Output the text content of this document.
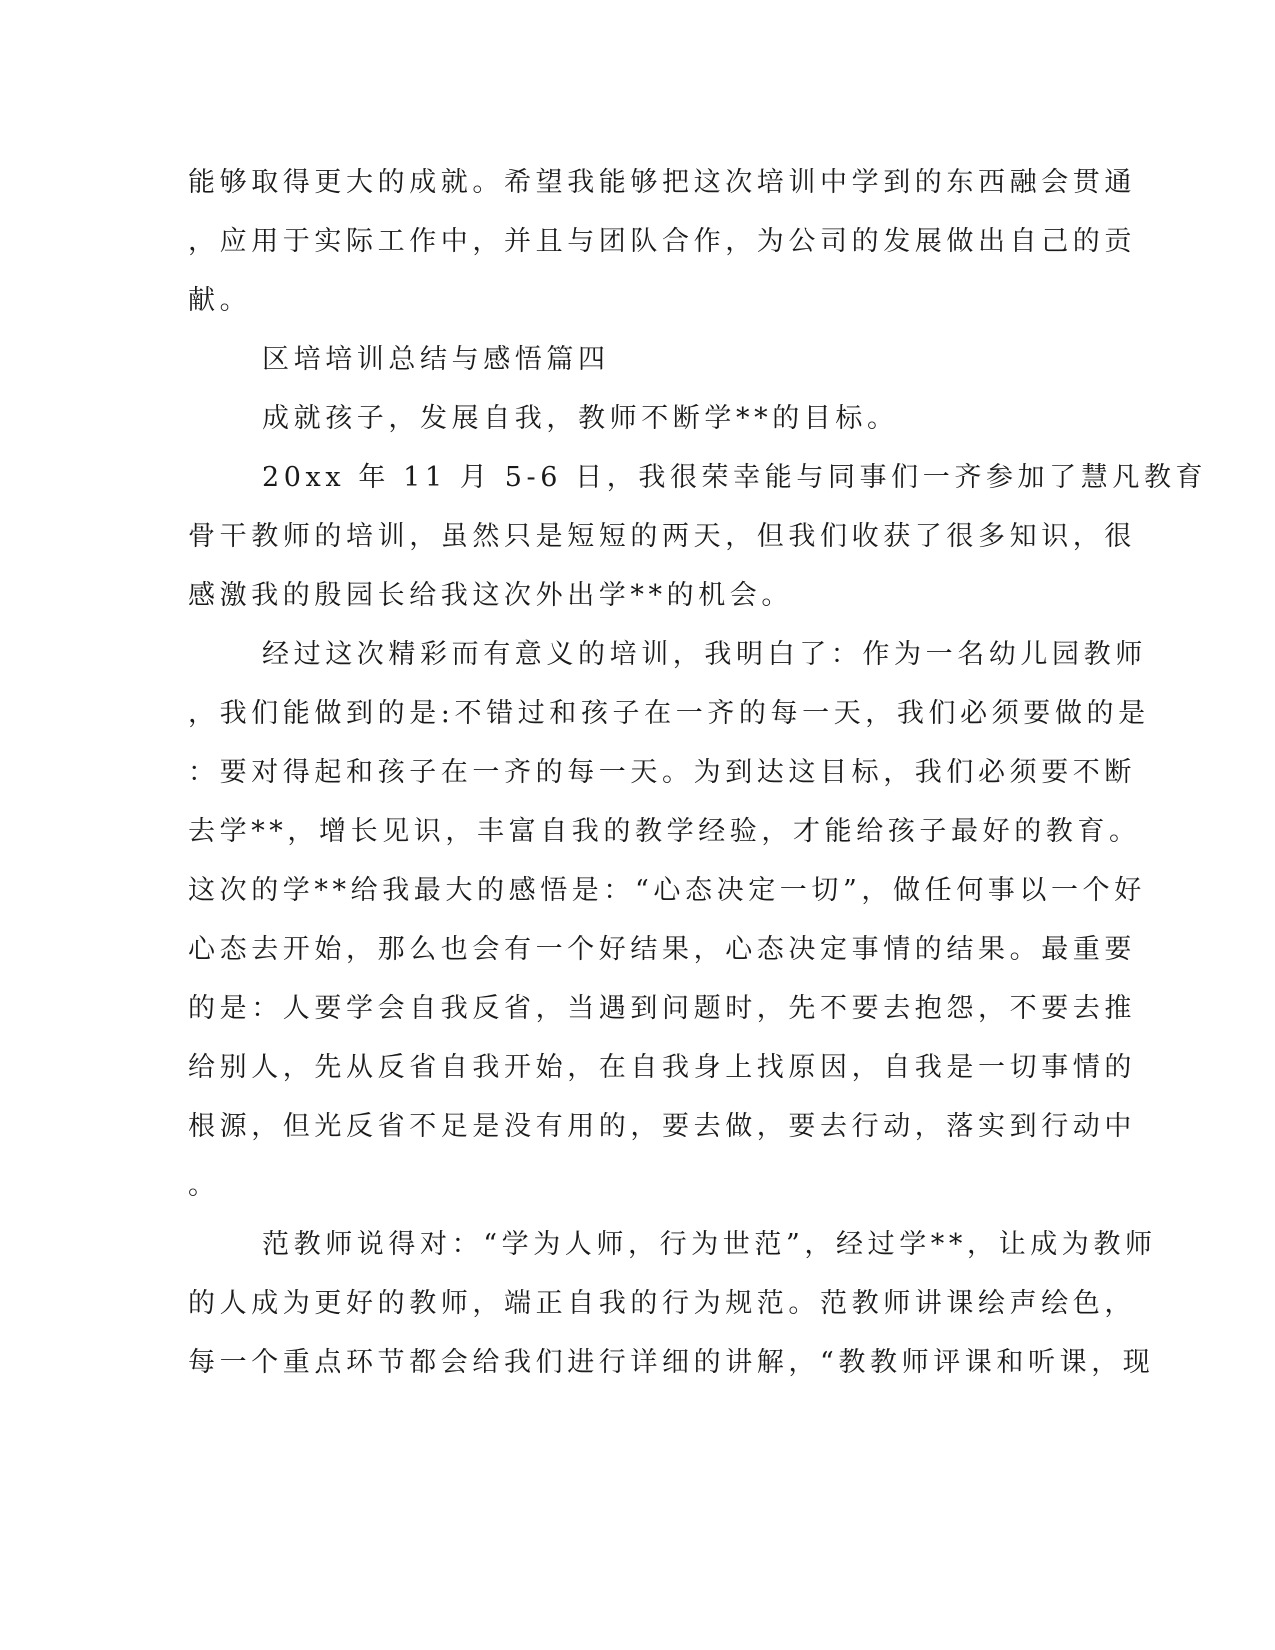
能够取得更大的成就。希望我能够把这次培训中学到的东西融会贯通

，应用于实际工作中，并且与团队合作，为公司的发展做出自己的贡

献。

区培培训总结与感悟篇四

成就孩子，发展自我，教师不断学**的目标。

20xx 年 11 月 5-6 日，我很荣幸能与同事们一齐参加了慧凡教育

骨干教师的培训，虽然只是短短的两天，但我们收获了很多知识，很

感激我的殷园长给我这次外出学**的机会。

经过这次精彩而有意义的培训，我明白了：作为一名幼儿园教师

，我们能做到的是:不错过和孩子在一齐的每一天，我们必须要做的是

：要对得起和孩子在一齐的每一天。为到达这目标，我们必须要不断

去学**，增长见识，丰富自我的教学经验，才能给孩子最好的教育。

这次的学**给我最大的感悟是：“心态决定一切”，做任何事以一个好

心态去开始，那么也会有一个好结果，心态决定事情的结果。最重要

的是：人要学会自我反省，当遇到问题时，先不要去抱怨，不要去推

给别人，先从反省自我开始，在自我身上找原因，自我是一切事情的

根源，但光反省不足是没有用的，要去做，要去行动，落实到行动中

。

范教师说得对：“学为人师，行为世范”，经过学**，让成为教师

的人成为更好的教师，端正自我的行为规范。范教师讲课绘声绘色，

每一个重点环节都会给我们进行详细的讲解，“教教师评课和听课，现
